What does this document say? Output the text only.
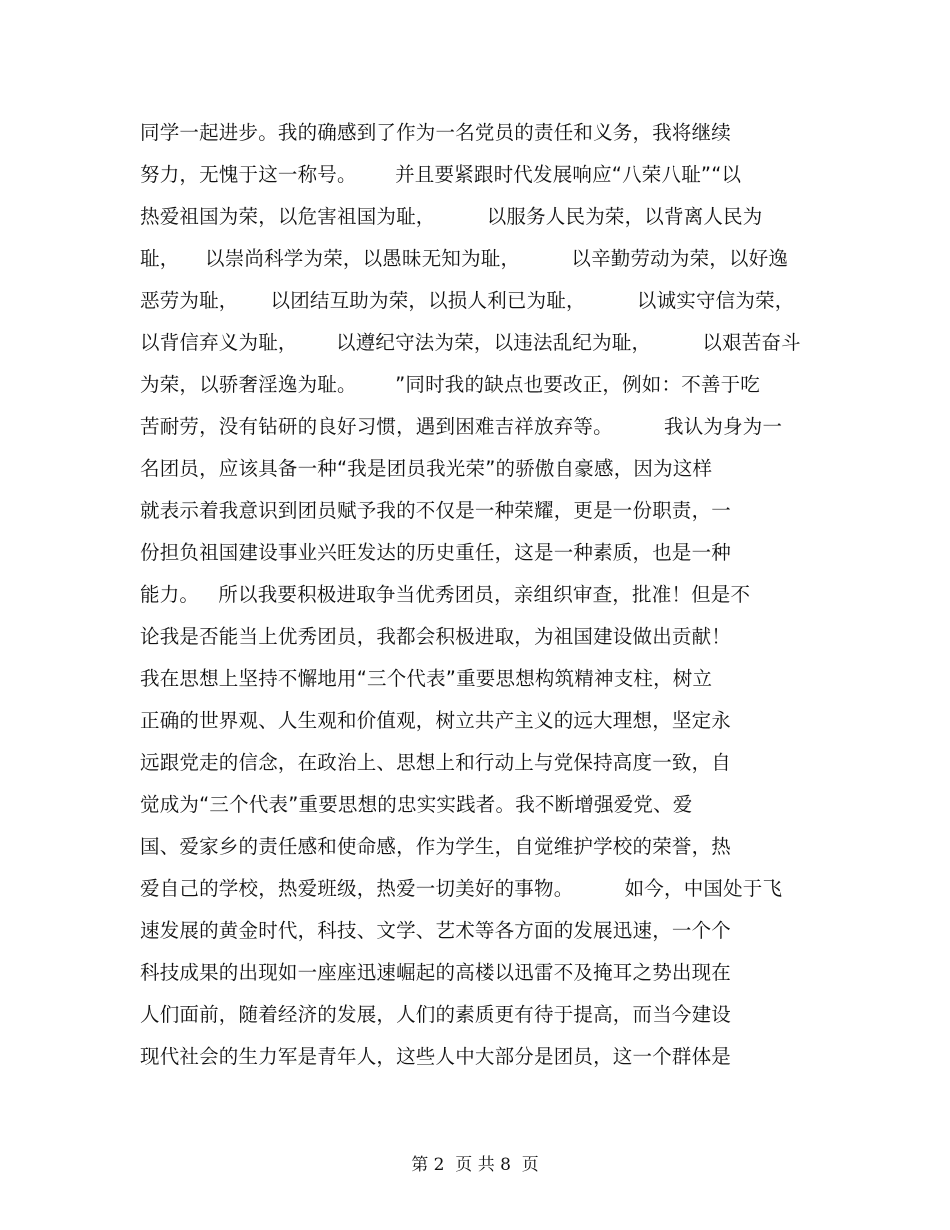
同学一起进步。我的确感到了作为一名党员的责任和义务，我将继续
努力，无愧于这一称号。      并且要紧跟时代发展响应“八荣八耻”“以
热爱祖国为荣，以危害祖国为耻，        以服务人民为荣，以背离人民为
耻，    以崇尚科学为荣，以愚昧无知为耻，        以辛勤劳动为荣，以好逸
恶劳为耻，     以团结互助为荣，以损人利已为耻，        以诚实守信为荣，
以背信弃义为耻，      以遵纪守法为荣，以违法乱纪为耻，        以艰苦奋斗
为荣，以骄奢淫逸为耻。      ”同时我的缺点也要改正，例如：不善于吃
苦耐劳，没有钻研的良好习惯，遇到困难吉祥放弃等。        我认为身为一
名团员，应该具备一种“我是团员我光荣”的骄傲自豪感，因为这样
就表示着我意识到团员赋予我的不仅是一种荣耀，更是一份职责，一
份担负祖国建设事业兴旺发达的历史重任，这是一种素质，也是一种
能力。   所以我要积极进取争当优秀团员，亲组织审查，批准！但是不
论我是否能当上优秀团员，我都会积极进取，为祖国建设做出贡献！
我在思想上坚持不懈地用“三个代表”重要思想构筑精神支柱，树立
正确的世界观、人生观和价值观，树立共产主义的远大理想，坚定永
远跟党走的信念，在政治上、思想上和行动上与党保持高度一致，自
觉成为“三个代表”重要思想的忠实实践者。我不断增强爱党、爱
国、爱家乡的责任感和使命感，作为学生，自觉维护学校的荣誉，热
爱自己的学校，热爱班级，热爱一切美好的事物。        如今，中国处于飞
速发展的黄金时代，科技、文学、艺术等各方面的发展迅速，一个个
科技成果的出现如一座座迅速崛起的高楼以迅雷不及掩耳之势出现在
人们面前，随着经济的发展，人们的素质更有待于提高，而当今建设
现代社会的生力军是青年人，这些人中大部分是团员，这一个群体是
第 2  页 共 8  页
